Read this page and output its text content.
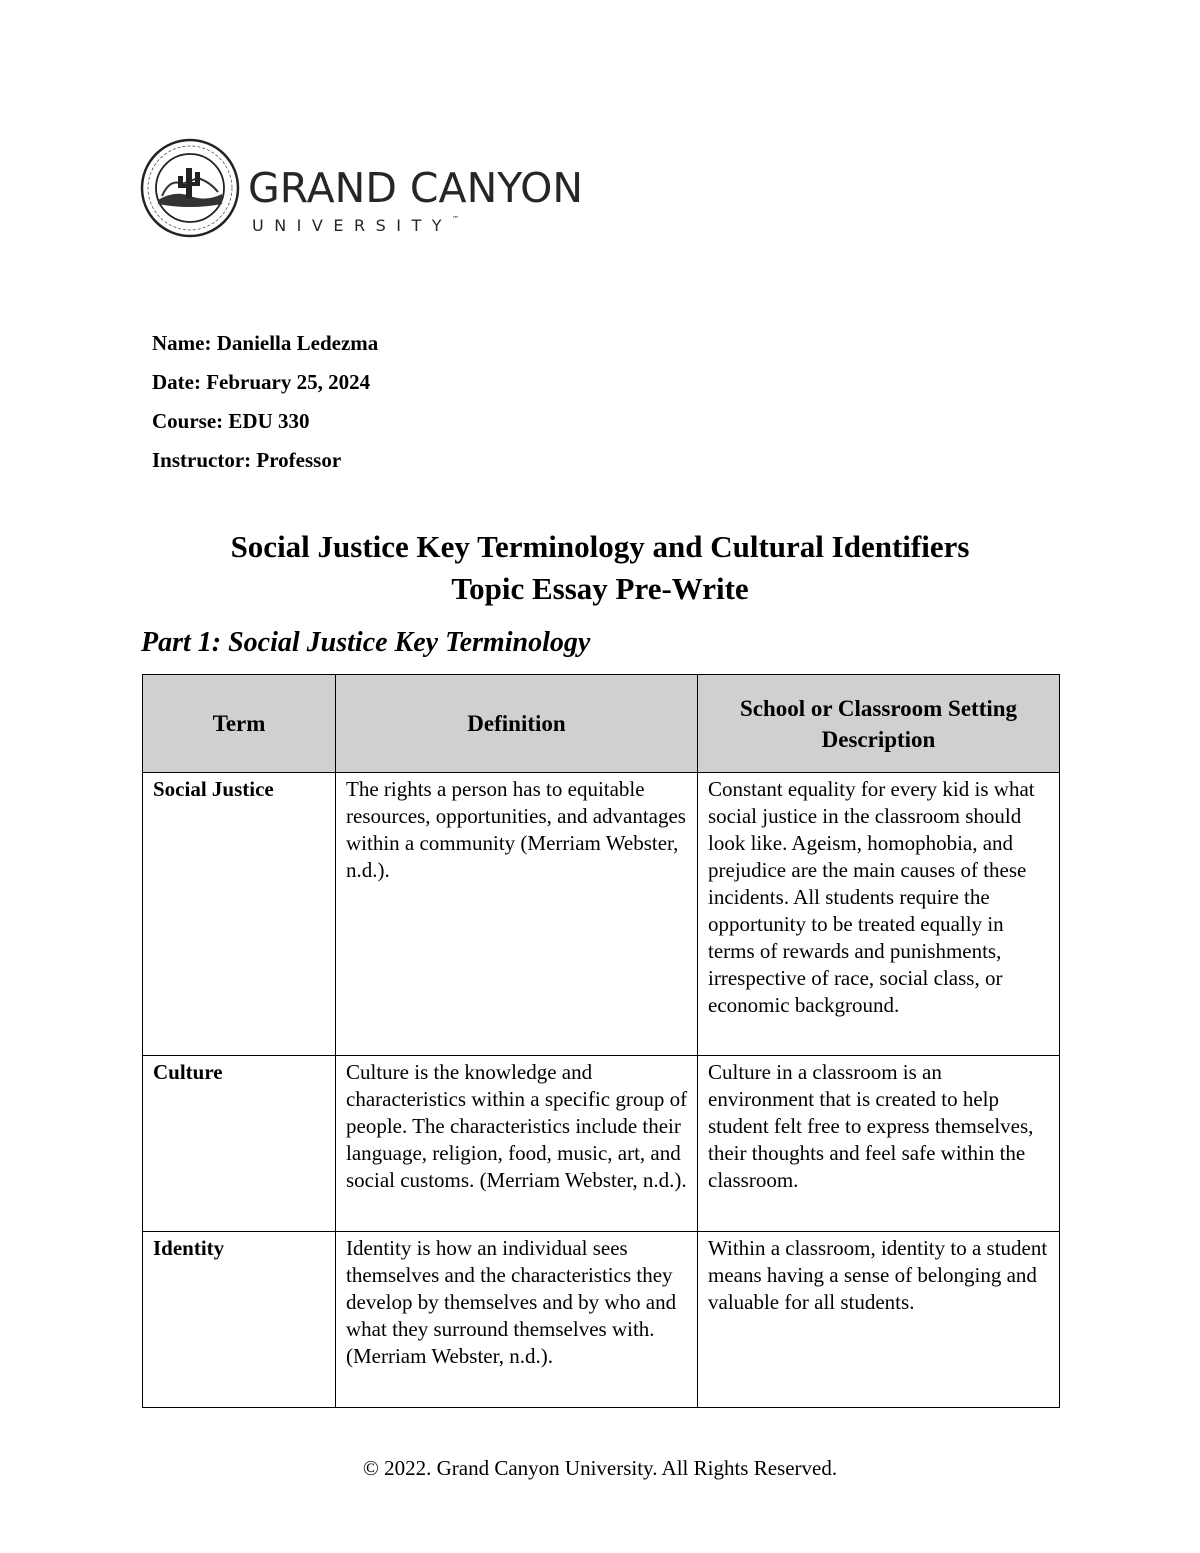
GRAND CANYON
UNIVERSITY™
Name: Daniella Ledezma
Date: February 25, 2024
Course: EDU 330
Instructor: Professor
Social Justice Key Terminology and Cultural Identifiers
Topic Essay Pre-Write
Part 1: Social Justice Key Terminology
Term	Definition	School or Classroom Setting Description
Social Justice	The rights a person has to equitable resources, opportunities, and advantages within a community (Merriam Webster, n.d.).	Constant equality for every kid is what social justice in the classroom should look like. Ageism, homophobia, and prejudice are the main causes of these incidents. All students require the opportunity to be treated equally in terms of rewards and punishments, irrespective of race, social class, or economic background.
Culture	Culture is the knowledge and characteristics within a specific group of people. The characteristics include their language, religion, food, music, art, and social customs. (Merriam Webster, n.d.).	Culture in a classroom is an environment that is created to help student felt free to express themselves, their thoughts and feel safe within the classroom.
Identity	Identity is how an individual sees themselves and the characteristics they develop by themselves and by who and what they surround themselves with. (Merriam Webster, n.d.).	Within a classroom, identity to a student means having a sense of belonging and valuable for all students.
© 2022. Grand Canyon University. All Rights Reserved.
